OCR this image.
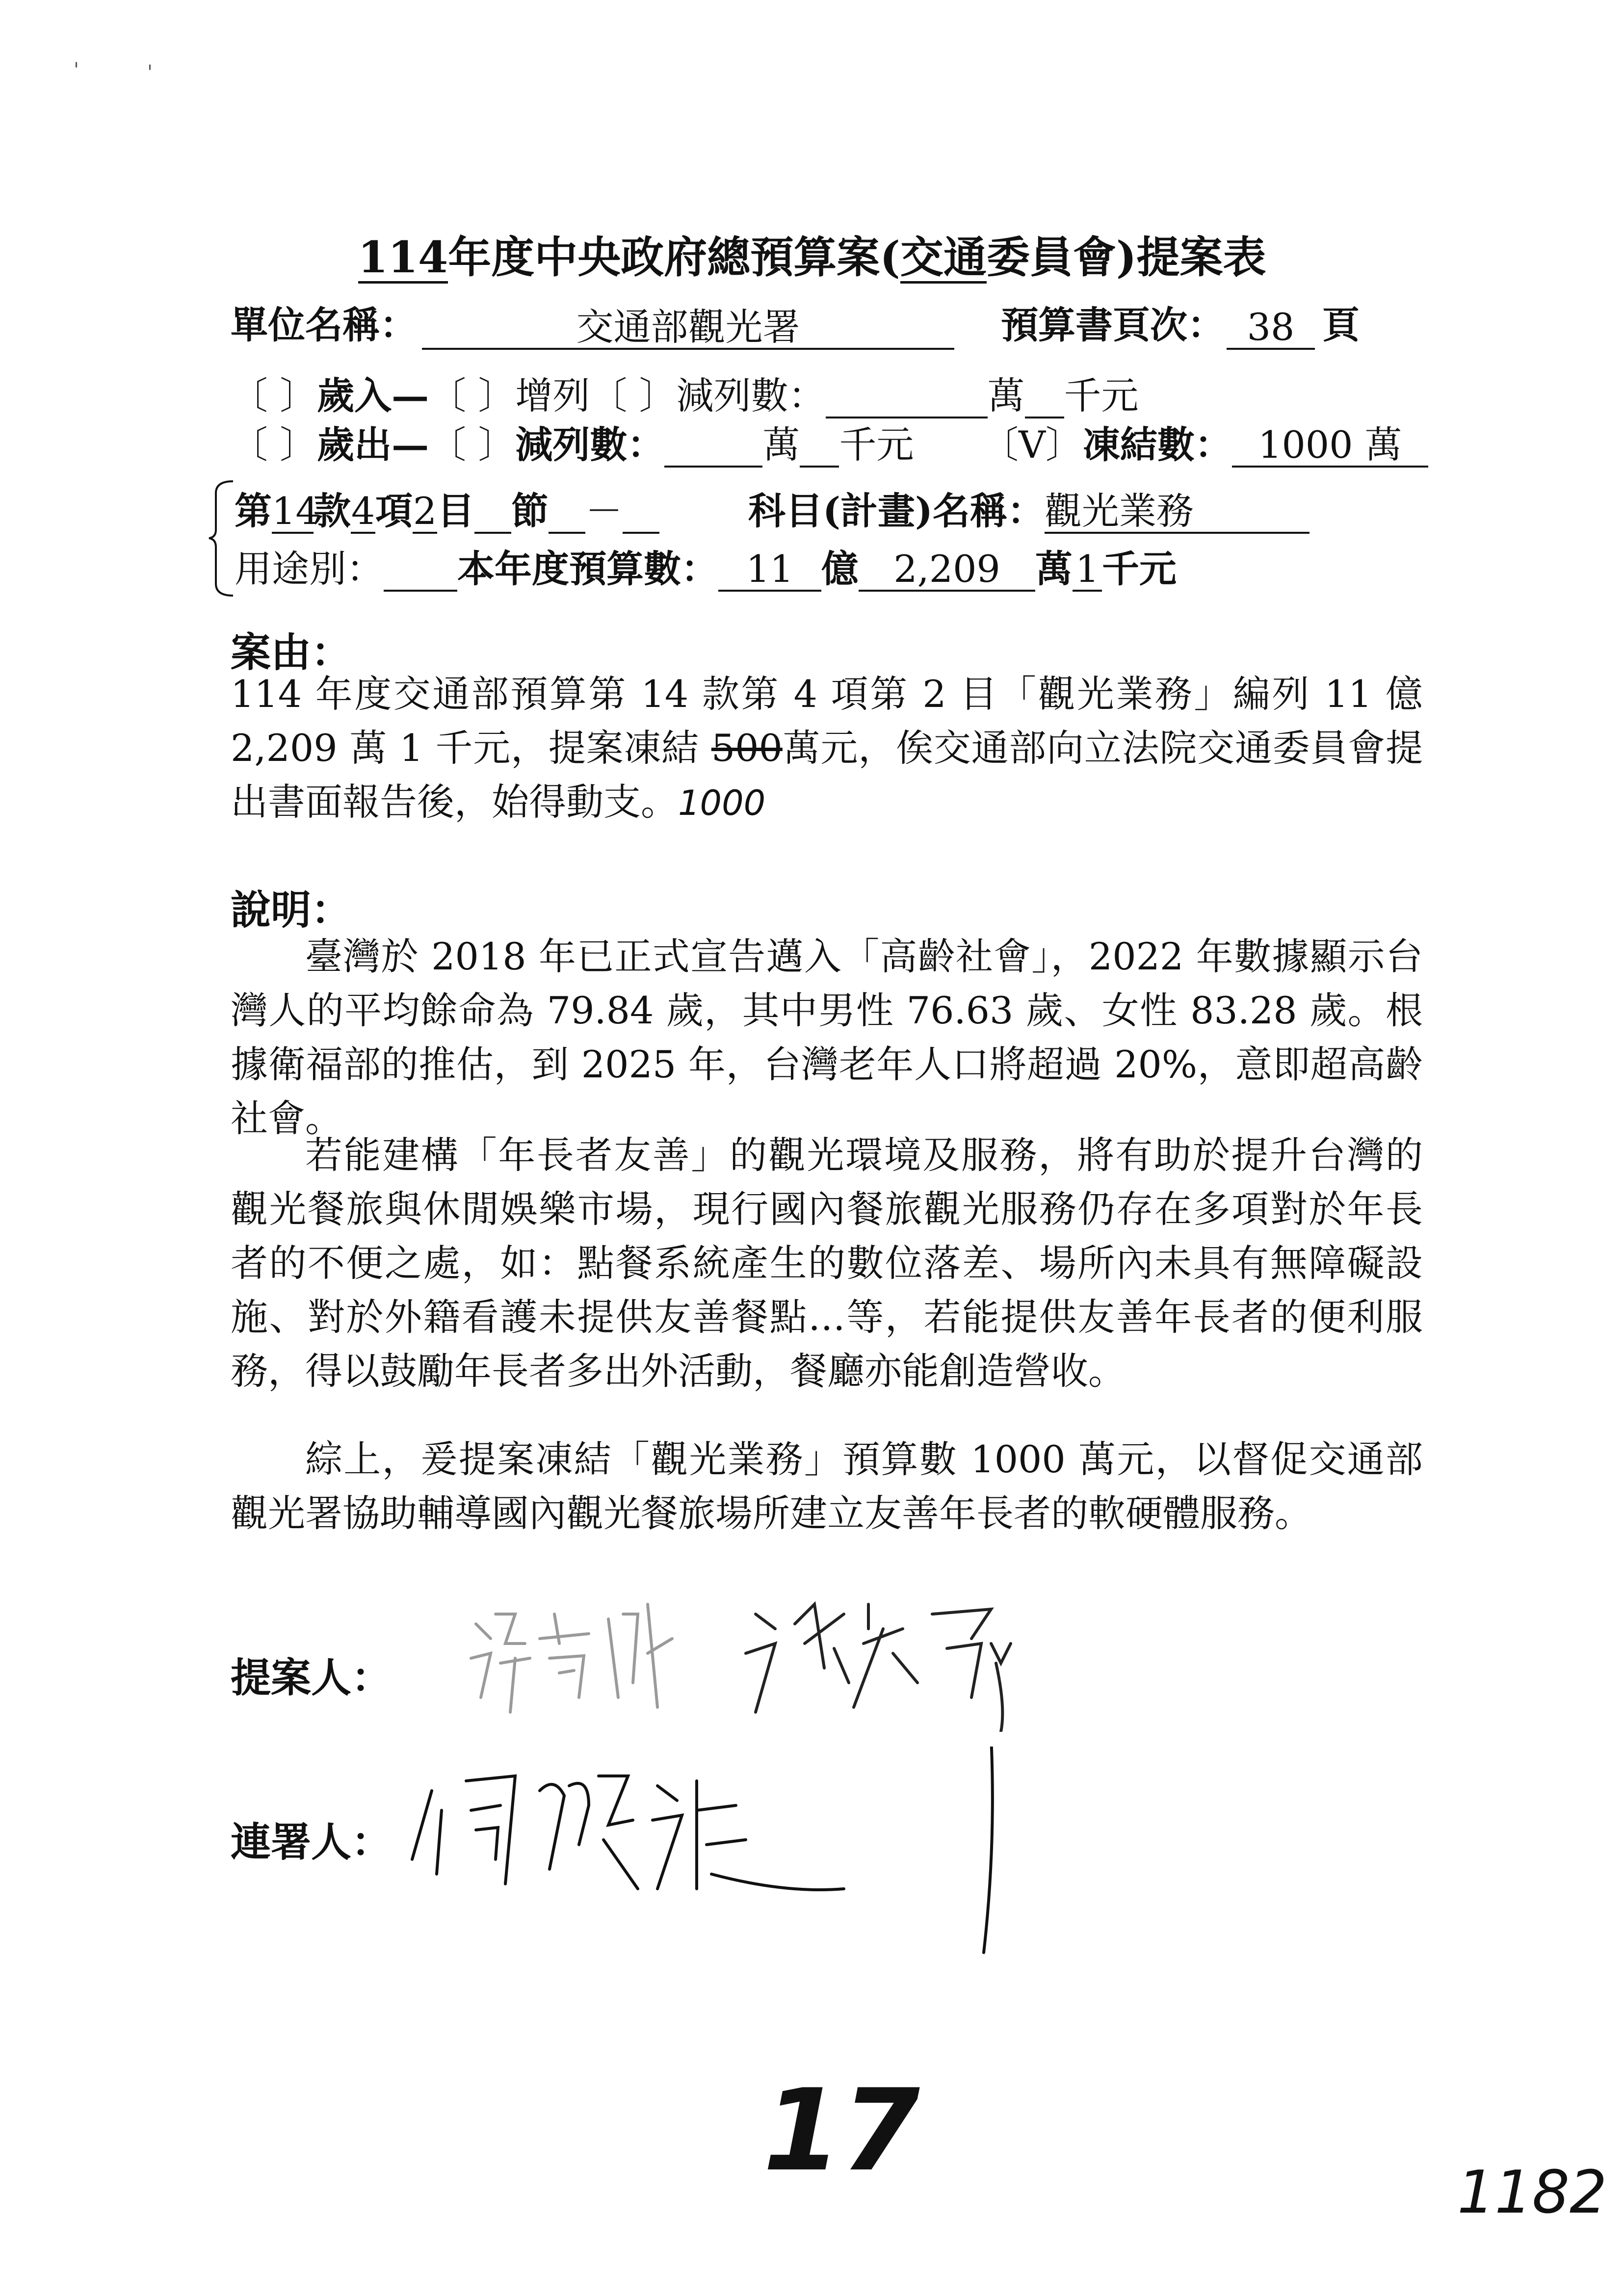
'	'
114年度中央政府總預算案(交通委員會)提案表
單位名稱：	交通部觀光署	預算書頁次： 38 頁
〔 〕歲入—〔 〕增列〔 〕減列數：	萬 千元
〔 〕歲出—〔 〕減列數：	萬 千元 〔V〕凍結數： 1000 萬
第14款4項2目 節 －	科目(計畫)名稱：觀光業務
用途別： 本年度預算數： 11 億 2,209 萬1千元
案由：
114 年度交通部預算第 14 款第 4 項第 2 目「觀光業務」編列 11 億 2,209 萬 1 千元，提案凍結 500萬元，俟交通部向立法院交通委員會提出書面報告後，始得動支。1000
說明：
臺灣於 2018 年已正式宣告邁入「高齡社會」，2022 年數據顯示台灣人的平均餘命為 79.84 歲，其中男性 76.63 歲、女性 83.28 歲。根據衛福部的推估，到 2025 年，台灣老年人口將超過 20%，意即超高齡社會。
若能建構「年長者友善」的觀光環境及服務，將有助於提升台灣的觀光餐旅與休閒娛樂市場，現行國內餐旅觀光服務仍存在多項對於年長者的不便之處，如：點餐系統產生的數位落差、場所內未具有無障礙設施、對於外籍看護未提供友善餐點…等，若能提供友善年長者的便利服務，得以鼓勵年長者多出外活動，餐廳亦能創造營收。
綜上，爰提案凍結「觀光業務」預算數 1000 萬元，以督促交通部觀光署協助輔導國內觀光餐旅場所建立友善年長者的軟硬體服務。
提案人：
連署人：
17	1182
